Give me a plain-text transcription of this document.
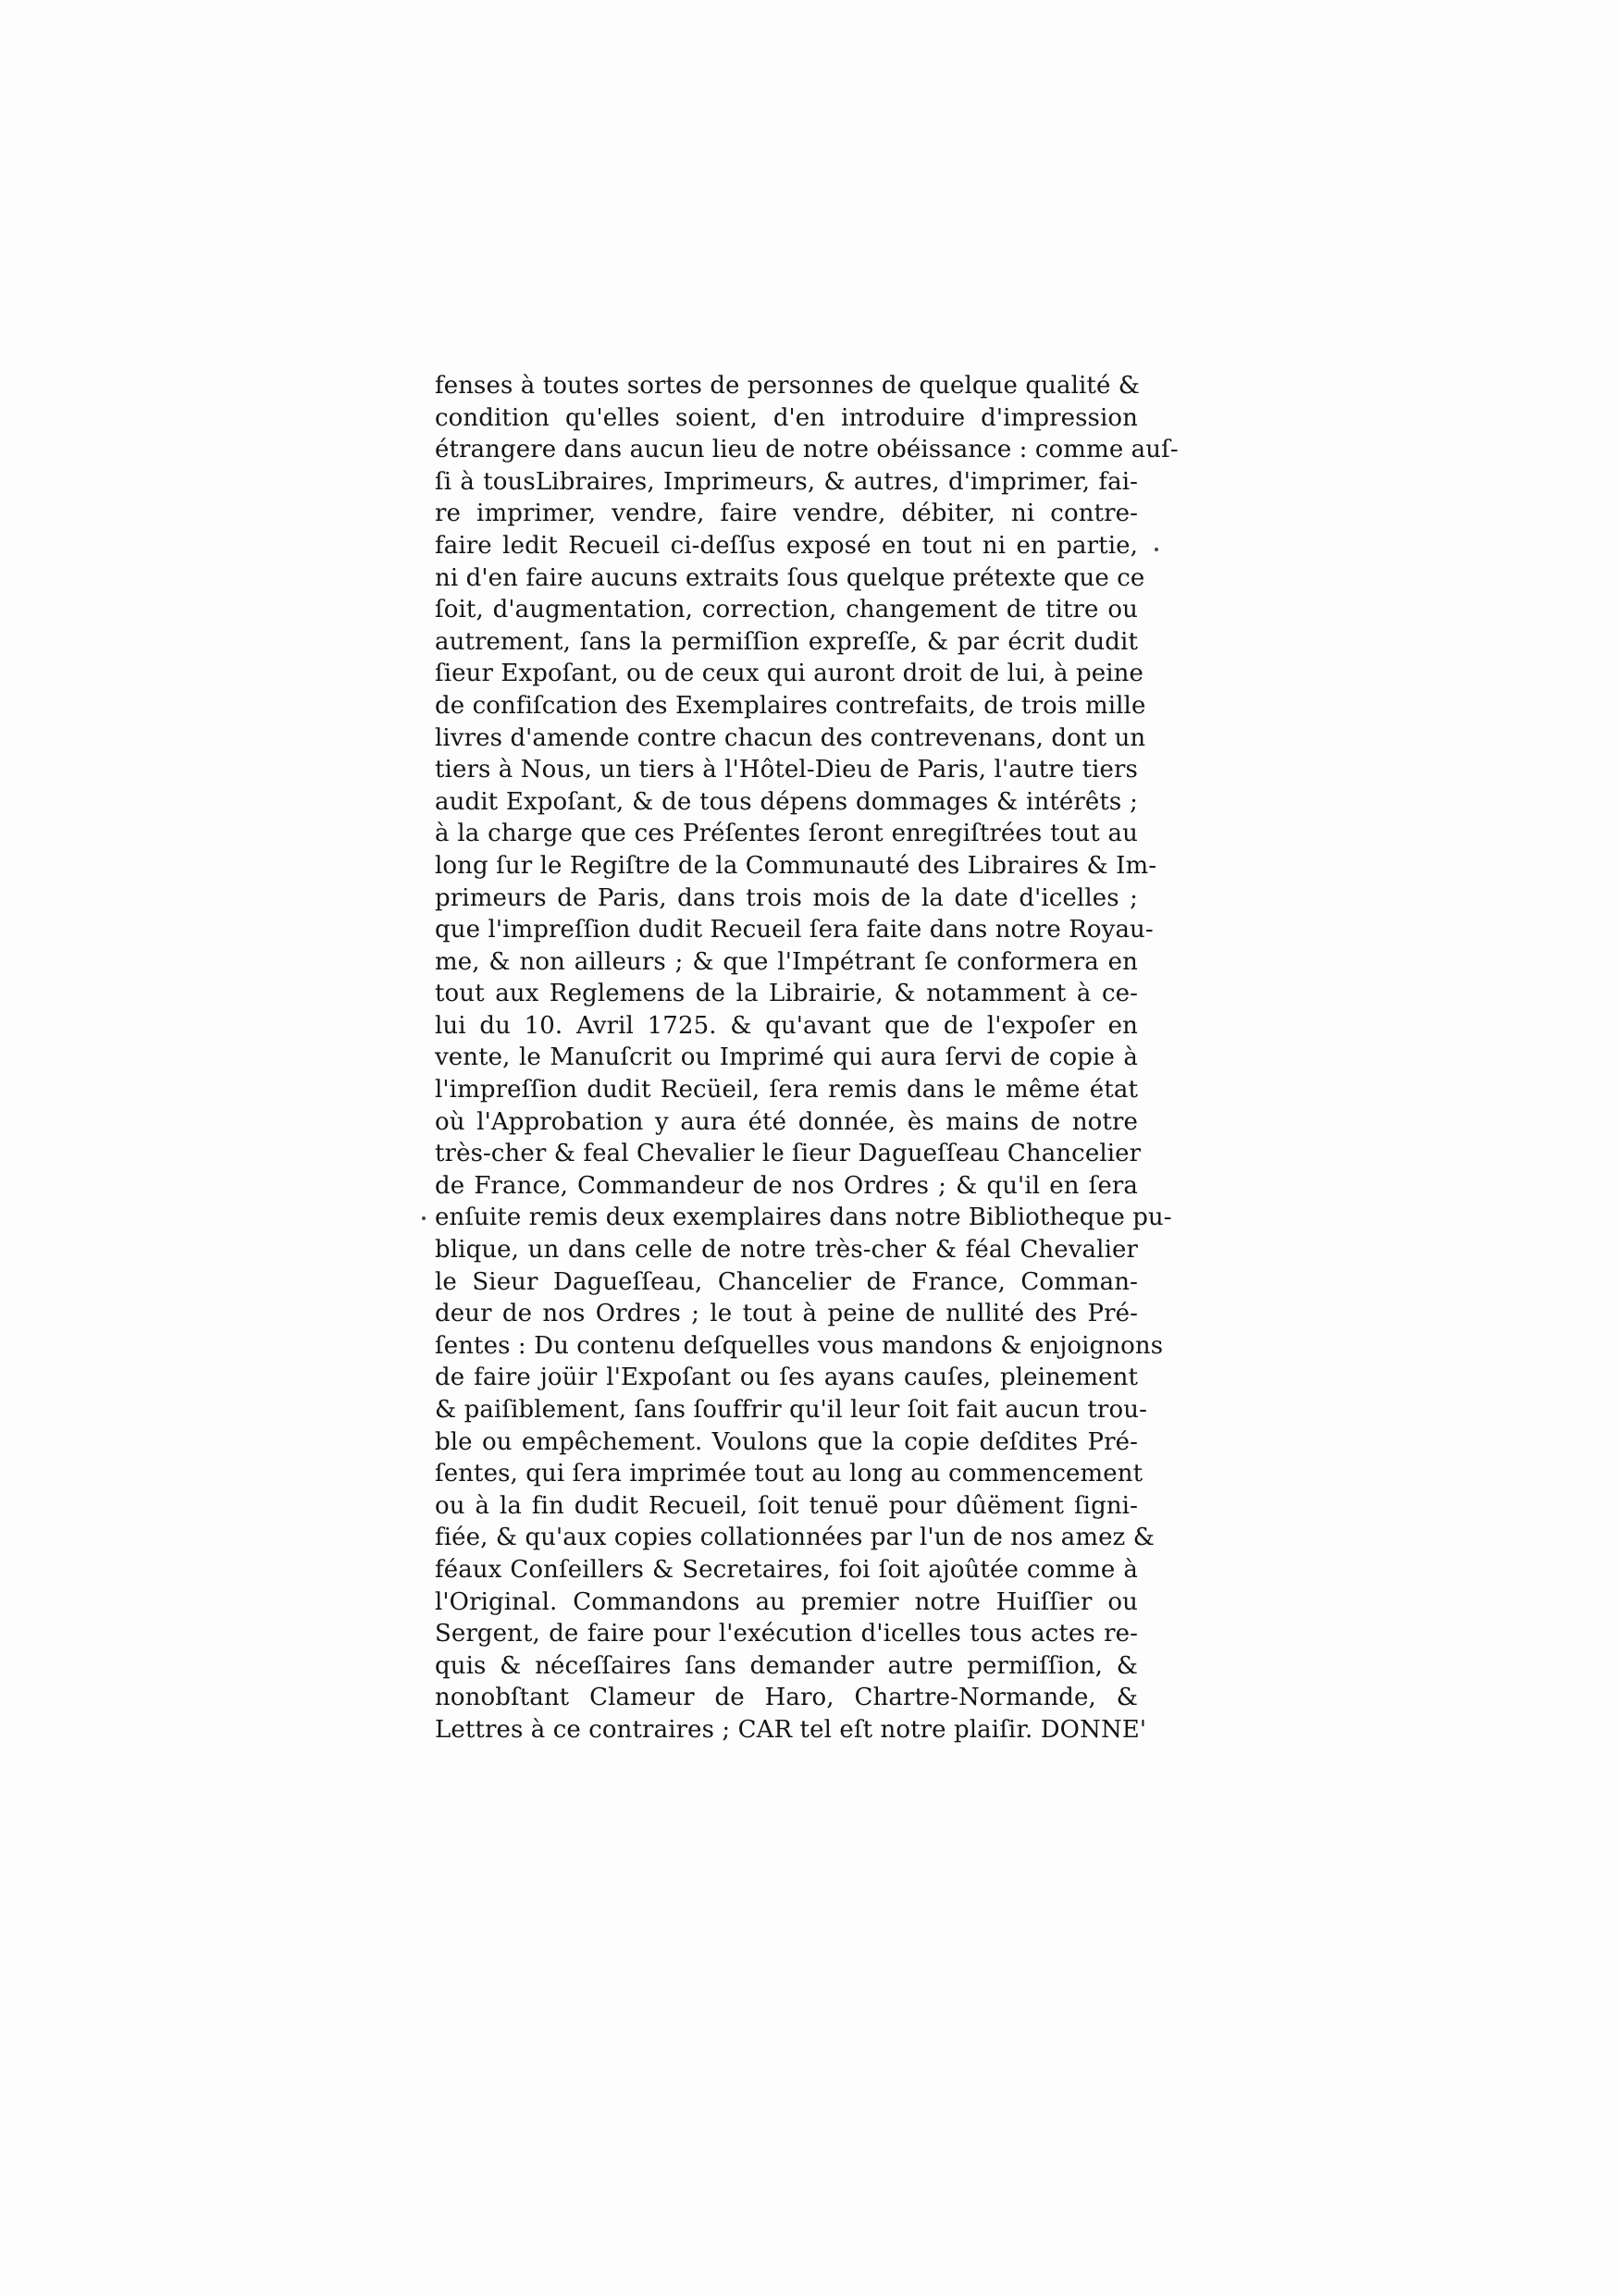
fenses à toutes sortes de personnes de quelque qualité &
condition qu'elles soient, d'en introduire d'impression
étrangere dans aucun lieu de notre obéissance : comme auſ-
ſi à tousLibraires, Imprimeurs, & autres, d'imprimer, fai-
re imprimer, vendre, faire vendre, débiter, ni contre-
faire ledit Recueil ci-deſſus exposé en tout ni en partie,
ni d'en faire aucuns extraits ſous quelque prétexte que ce
ſoit, d'augmentation, correction, changement de titre ou
autrement, ſans la permiſſion expreſſe, & par écrit dudit
ſieur Expoſant, ou de ceux qui auront droit de lui, à peine
de confiſcation des Exemplaires contrefaits, de trois mille
livres d'amende contre chacun des contrevenans, dont un
tiers à Nous, un tiers à l'Hôtel-Dieu de Paris, l'autre tiers
audit Expoſant, & de tous dépens dommages & intérêts ;
à la charge que ces Préſentes ſeront enregiſtrées tout au
long ſur le Regiſtre de la Communauté des Libraires & Im-
primeurs de Paris, dans trois mois de la date d'icelles ;
que l'impreſſion dudit Recueil ſera faite dans notre Royau-
me, & non ailleurs ; & que l'Impétrant ſe conformera en
tout aux Reglemens de la Librairie, & notamment à ce-
lui du 10. Avril 1725. & qu'avant que de l'expoſer en
vente, le Manuſcrit ou Imprimé qui aura ſervi de copie à
l'impreſſion dudit Recüeil, ſera remis dans le même état
où l'Approbation y aura été donnée, ès mains de notre
très-cher & feal Chevalier le ſieur Dagueſſeau Chancelier
de France, Commandeur de nos Ordres ; & qu'il en ſera
enſuite remis deux exemplaires dans notre Bibliotheque pu-
blique, un dans celle de notre très-cher & féal Chevalier
le Sieur Dagueſſeau, Chancelier de France, Comman-
deur de nos Ordres ; le tout à peine de nullité des Pré-
ſentes : Du contenu deſquelles vous mandons & enjoignons
de faire joüir l'Expoſant ou ſes ayans cauſes, pleinement
& paiſiblement, ſans ſouffrir qu'il leur ſoit fait aucun trou-
ble ou empêchement. Voulons que la copie deſdites Pré-
ſentes, qui ſera imprimée tout au long au commencement
ou à la fin dudit Recueil, ſoit tenuë pour dûëment ſigni-
fiée, & qu'aux copies collationnées par l'un de nos amez &
féaux Conſeillers & Secretaires, foi ſoit ajoûtée comme à
l'Original. Commandons au premier notre Huiſſier ou
Sergent, de faire pour l'exécution d'icelles tous actes re-
quis & néceſſaires ſans demander autre permiſſion, &
nonobſtant Clameur de Haro, Chartre-Normande, &
Lettres à ce contraires ; CAR tel eſt notre plaiſir. DONNE'
